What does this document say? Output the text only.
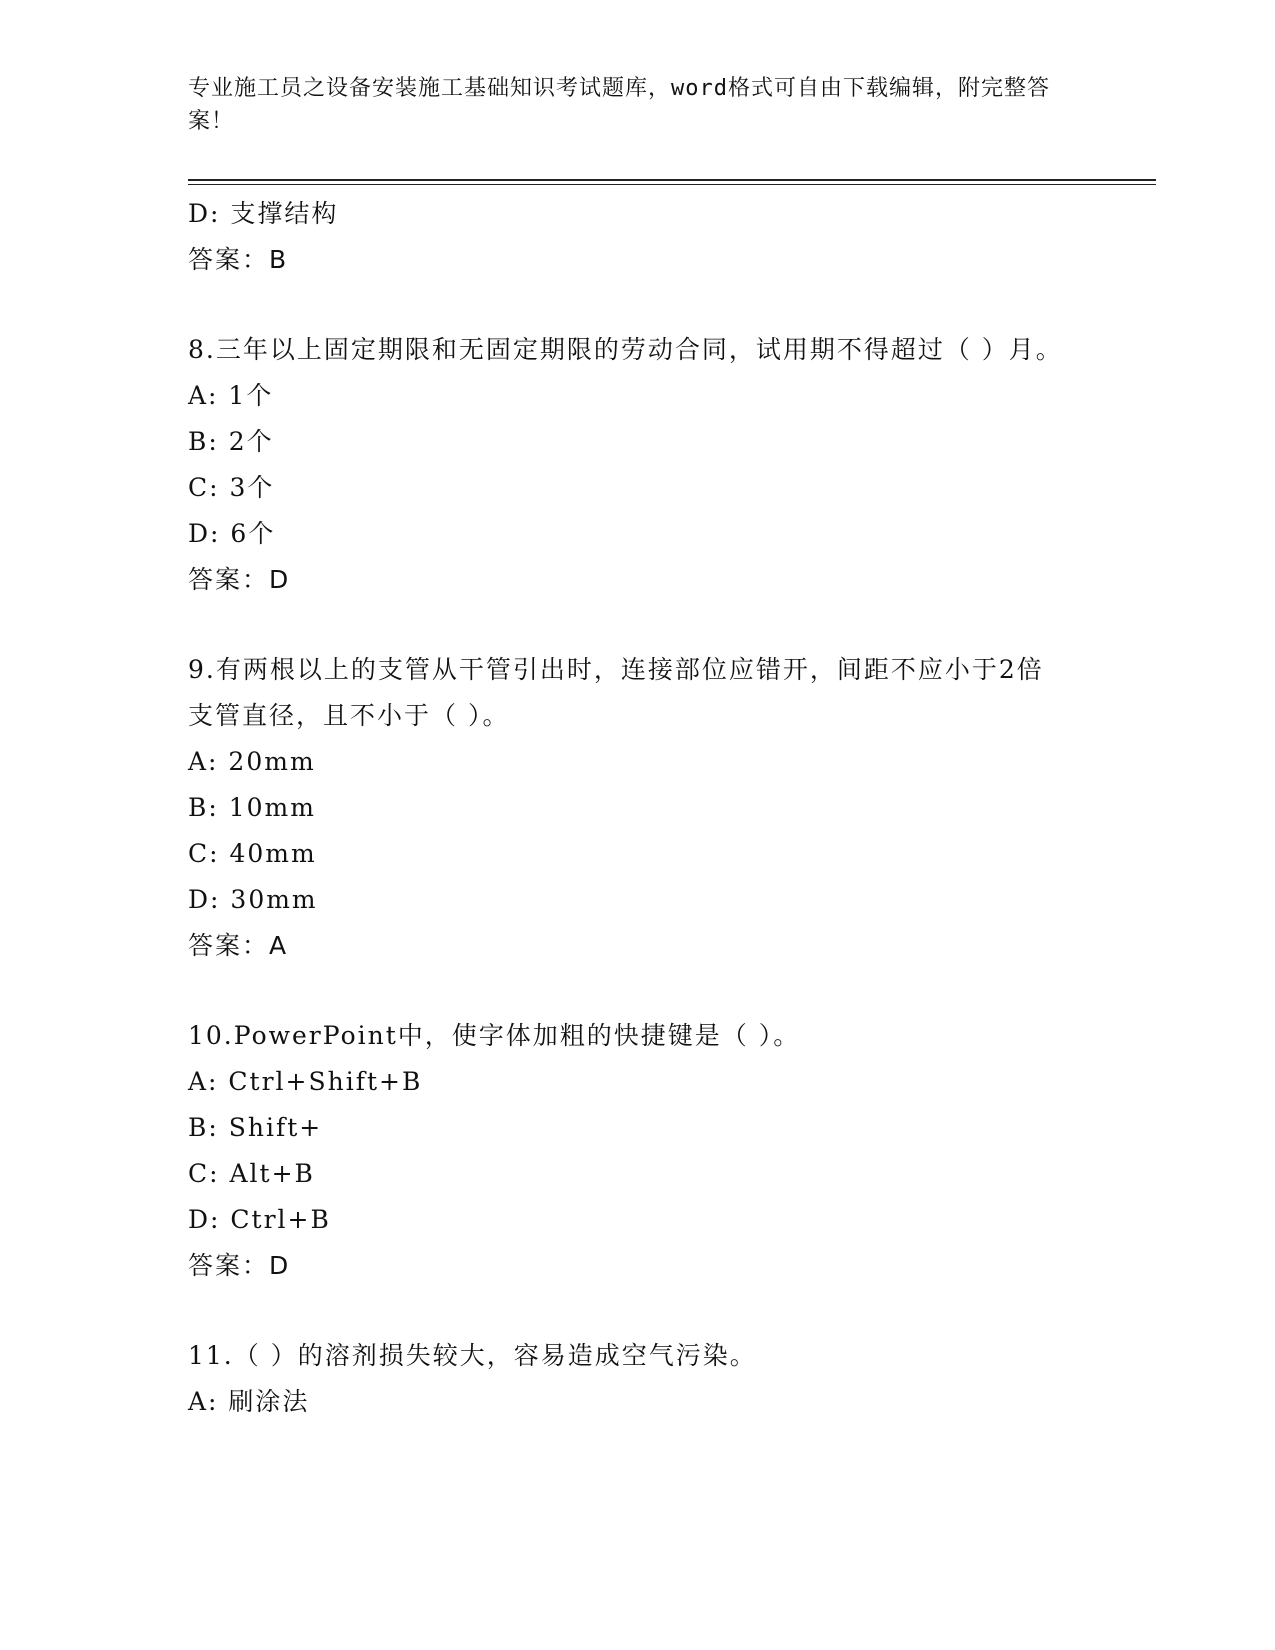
专业施工员之设备安装施工基础知识考试题库，word格式可自由下载编辑，附完整答案！
D: 支撑结构
答案：B
8.三年以上固定期限和无固定期限的劳动合同，试用期不得超过（ ）月。
A: 1个
B: 2个
C: 3个
D: 6个
答案：D
9.有两根以上的支管从干管引出时，连接部位应错开，间距不应小于2倍支管直径，且不小于（ ）。
A: 20mm
B: 10mm
C: 40mm
D: 30mm
答案：A
10.PowerPoint中，使字体加粗的快捷键是（ ）。
A: Ctrl+Shift+B
B: Shift+
C: Alt+B
D: Ctrl+B
答案：D
11.（ ）的溶剂损失较大，容易造成空气污染。
A: 刷涂法
